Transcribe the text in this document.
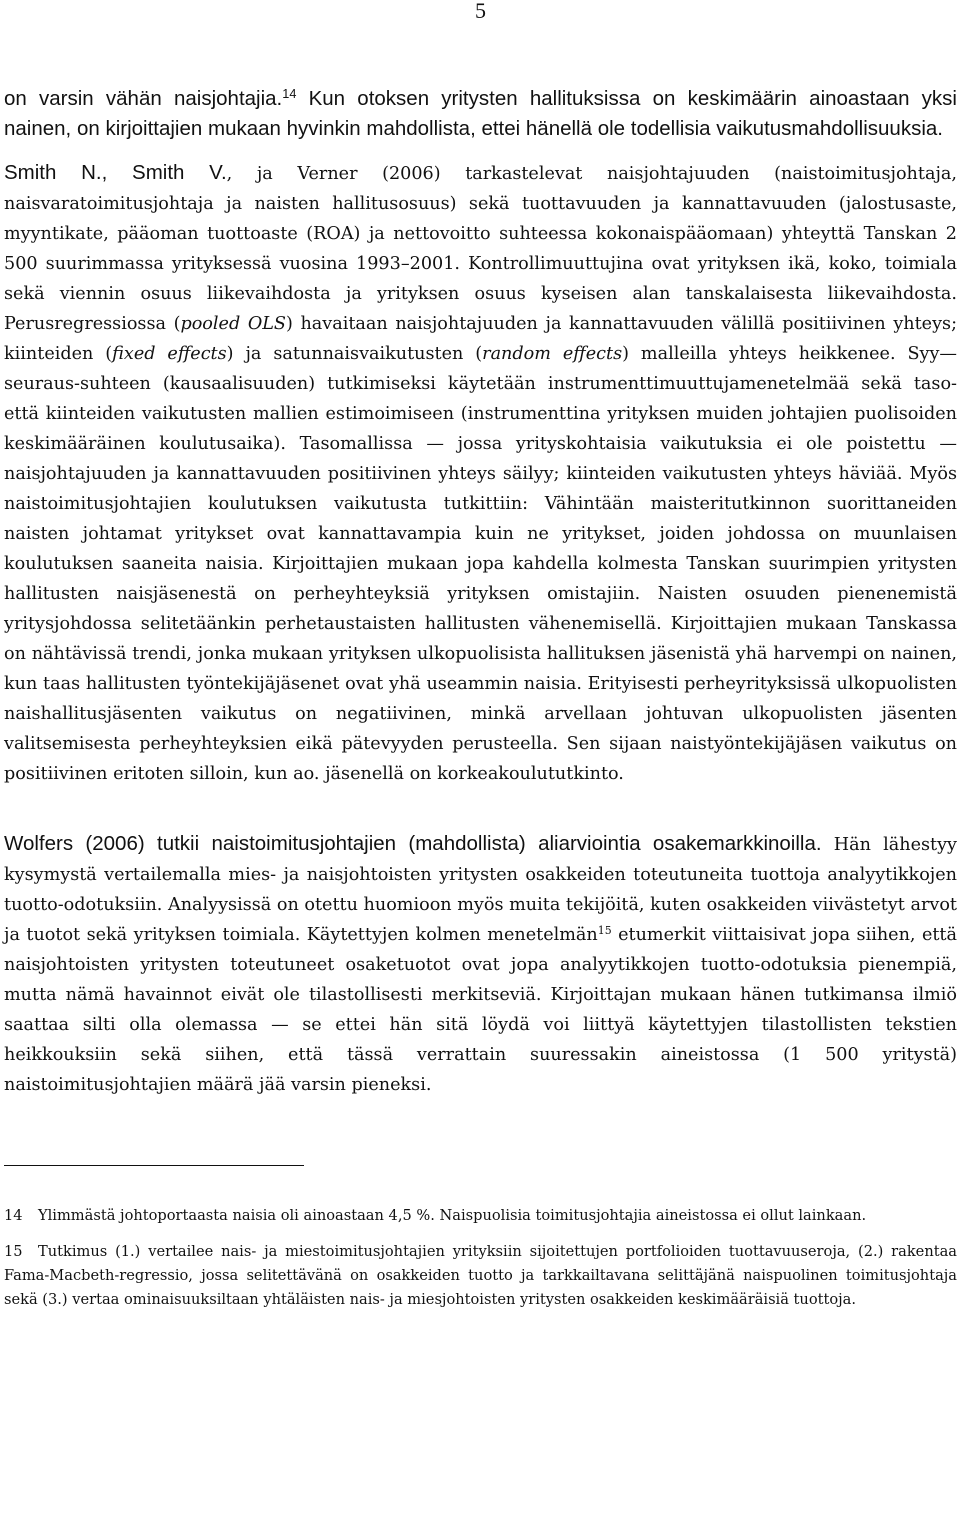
5

on varsin vähän naisjohtajia.$^{14}$ Kun otoksen yritysten hallituksissa on keskimäärin ainoastaan yksi nainen, on kirjoittajien mukaan hyvinkin mahdollista, ettei hänellä ole todellisia vaikutusmahdollisuuksia.

Smith N., Smith V., ja Verner (2006) tarkastelevat naisjohtajuuden (naistoimitusjohtaja, naisvaratoimitusjohtaja ja naisten hallitusosuus) sekä tuottavuuden ja kannattavuuden (jalostusaste, myyntikate, pääoman tuottoaste (ROA) ja nettovoitto suhteessa kokonaispääomaan) yhteyttä Tanskan 2 500 suurimmassa yrityksessä vuosina 1993–2001. Kontrollimuuttujina ovat yrityksen ikä, koko, toimiala sekä viennin osuus liikevaihdosta ja yrityksen osuus kyseisen alan tanskalaisesta liikevaihdosta. Perusregressiossa (pooled OLS) havaitaan naisjohtajuuden ja kannattavuuden välillä positiivinen yhteys; kiinteiden (fixed effects) ja satunnaisvaikutusten (random effects) malleilla yhteys heikkenee. Syy—seuraus-suhteen (kausaalisuuden) tutkimiseksi käytetään instrumenttimuuttujamenetelmää sekä taso- että kiinteiden vaikutusten mallien estimoimiseen (instrumenttina yrityksen muiden johtajien puolisoiden keskimääräinen koulutusaika). Tasomallissa — jossa yrityskohtaisia vaikutuksia ei ole poistettu — naisjohtajuuden ja kannattavuuden positiivinen yhteys säilyy; kiinteiden vaikutusten yhteys häviää. Myös naistoimitusjohtajien koulutuksen vaikutusta tutkittiin: Vähintään maisteritutkinnon suorittaneiden naisten johtamat yritykset ovat kannattavampia kuin ne yritykset, joiden johdossa on muunlaisen koulutuksen saaneita naisia. Kirjoittajien mukaan jopa kahdella kolmesta Tanskan suurimpien yritysten hallitusten naisjäsenestä on perheyhteyksiä yrityksen omistajiin. Naisten osuuden pienenemistä yritysjohdossa selitetäänkin perhetaustaisten hallitusten vähenemisellä. Kirjoittajien mukaan Tanskassa on nähtävissä trendi, jonka mukaan yrityksen ulkopuolisista hallituksen jäsenistä yhä harvempi on nainen, kun taas hallitusten työntekijäjäsenet ovat yhä useammin naisia. Erityisesti perheyrityksissä ulkopuolisten naishallitusjäsenten vaikutus on negatiivinen, minkä arvellaan johtuvan ulkopuolisten jäsenten valitsemisesta perheyhteyksien eikä pätevyyden perusteella. Sen sijaan naistyöntekijäjäsen vaikutus on positiivinen eritoten silloin, kun ao. jäsenellä on korkeakoulututkinto.

Wolfers (2006) tutkii naistoimitusjohtajien (mahdollista) aliarviointia osakemarkkinoilla. Hän lähestyy kysymystä vertailemalla mies- ja naisjohtoisten yritysten osakkeiden toteutuneita tuottoja analyytikkojen tuotto-odotuksiin. Analyysissä on otettu huomioon myös muita tekijöitä, kuten osakkeiden viivästetyt arvot ja tuotot sekä yrityksen toimiala. Käytettyjen kolmen menetelmän$^{15}$ etumerkit viittaisivat jopa siihen, että naisjohtoisten yritysten toteutuneet osaketuotot ovat jopa analyytikkojen tuotto-odotuksia pienempiä, mutta nämä havainnot eivät ole tilastollisesti merkitseviä. Kirjoittajan mukaan hänen tutkimansa ilmiö saattaa silti olla olemassa — se ettei hän sitä löydä voi liittyä käytettyjen tilastollisten tekstien heikkouksiin sekä siihen, että tässä verrattain suuressakin aineistossa (1 500 yritystä) naistoimitusjohtajien määrä jää varsin pieneksi.

14 Ylimmästä johtoportaasta naisia oli ainoastaan 4,5 %. Naispuolisia toimitusjohtajia aineistossa ei ollut lainkaan.
15 Tutkimus (1.) vertailee nais- ja miestoimitusjohtajien yrityksiin sijoitettujen portfolioiden tuottavuuseroja, (2.) rakentaa Fama-Macbeth-regressio, jossa selitettävänä on osakkeiden tuotto ja tarkkailtavana selittäjänä naispuolinen toimitusjohtaja sekä (3.) vertaa ominaisuuksiltaan yhtäläisten nais- ja miesjohtoisten yritysten osakkeiden keskimääräisiä tuottoja.
